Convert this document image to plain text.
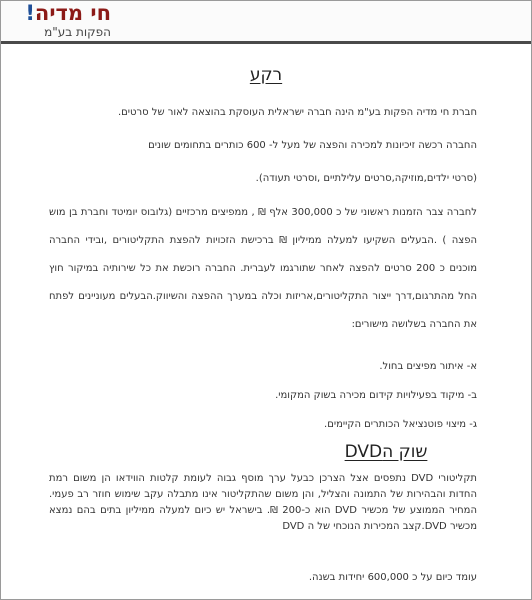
חי מדיה!
הפקות בע"מ
רקע
חברת חי מדיה הפקות בע"מ הינה חברה ישראלית העוסקת בהוצאה לאור של סרטים.
החברה רכשה זיכיונות למכירה והפצה של מעל ל- 600 כותרים בתחומים שונים
(סרטי ילדים,מוזיקה,סרטים עלילתיים ,וסרטי תעודה).
לחברה צבר הזמנות ראשוני של כ 300,000 אלף ₪ , ממפיצים מרכזיים (גלובוס יומיטד וחברת בן מוש הפצה ) .הבעלים השקיעו למעלה ממיליון ₪ ברכישת הזכויות להפצת התקליטורים ,ובידי החברה מוכנים כ 200 סרטים להפצה לאחר שתורגמו לעברית. החברה רוכשת את כל שירותיה במיקור חוץ החל מהתרגום,דרך ייצור התקליטורים,אריזות וכלה במערך ההפצה והשיווק.הבעלים מעוניינים לפתח את החברה בשלושה מישורים:
א- איתור מפיצים בחול.
ב- מיקוד בפעילויות קידום מכירה בשוק המקומי.
ג- מיצוי פוטנציאל הכותרים הקיימים.
שוק הDVD
תקליטורי DVD נתפסים אצל הצרכן כבעל ערך מוסף גבוה לעומת קלטות הווידאו הן משום רמת החדות והבהירות של התמונה והצליל, והן משום שהתקליטור אינו מתבלה עקב שימוש חוזר רב פעמי. המחיר הממוצע של מכשיר DVD הוא כ-200 ₪. בישראל יש כיום למעלה ממיליון בתים בהם נמצא מכשיר DVD.קצב המכירות הנוכחי של ה DVD
עומד כיום על כ 600,000 יחידות בשנה.
